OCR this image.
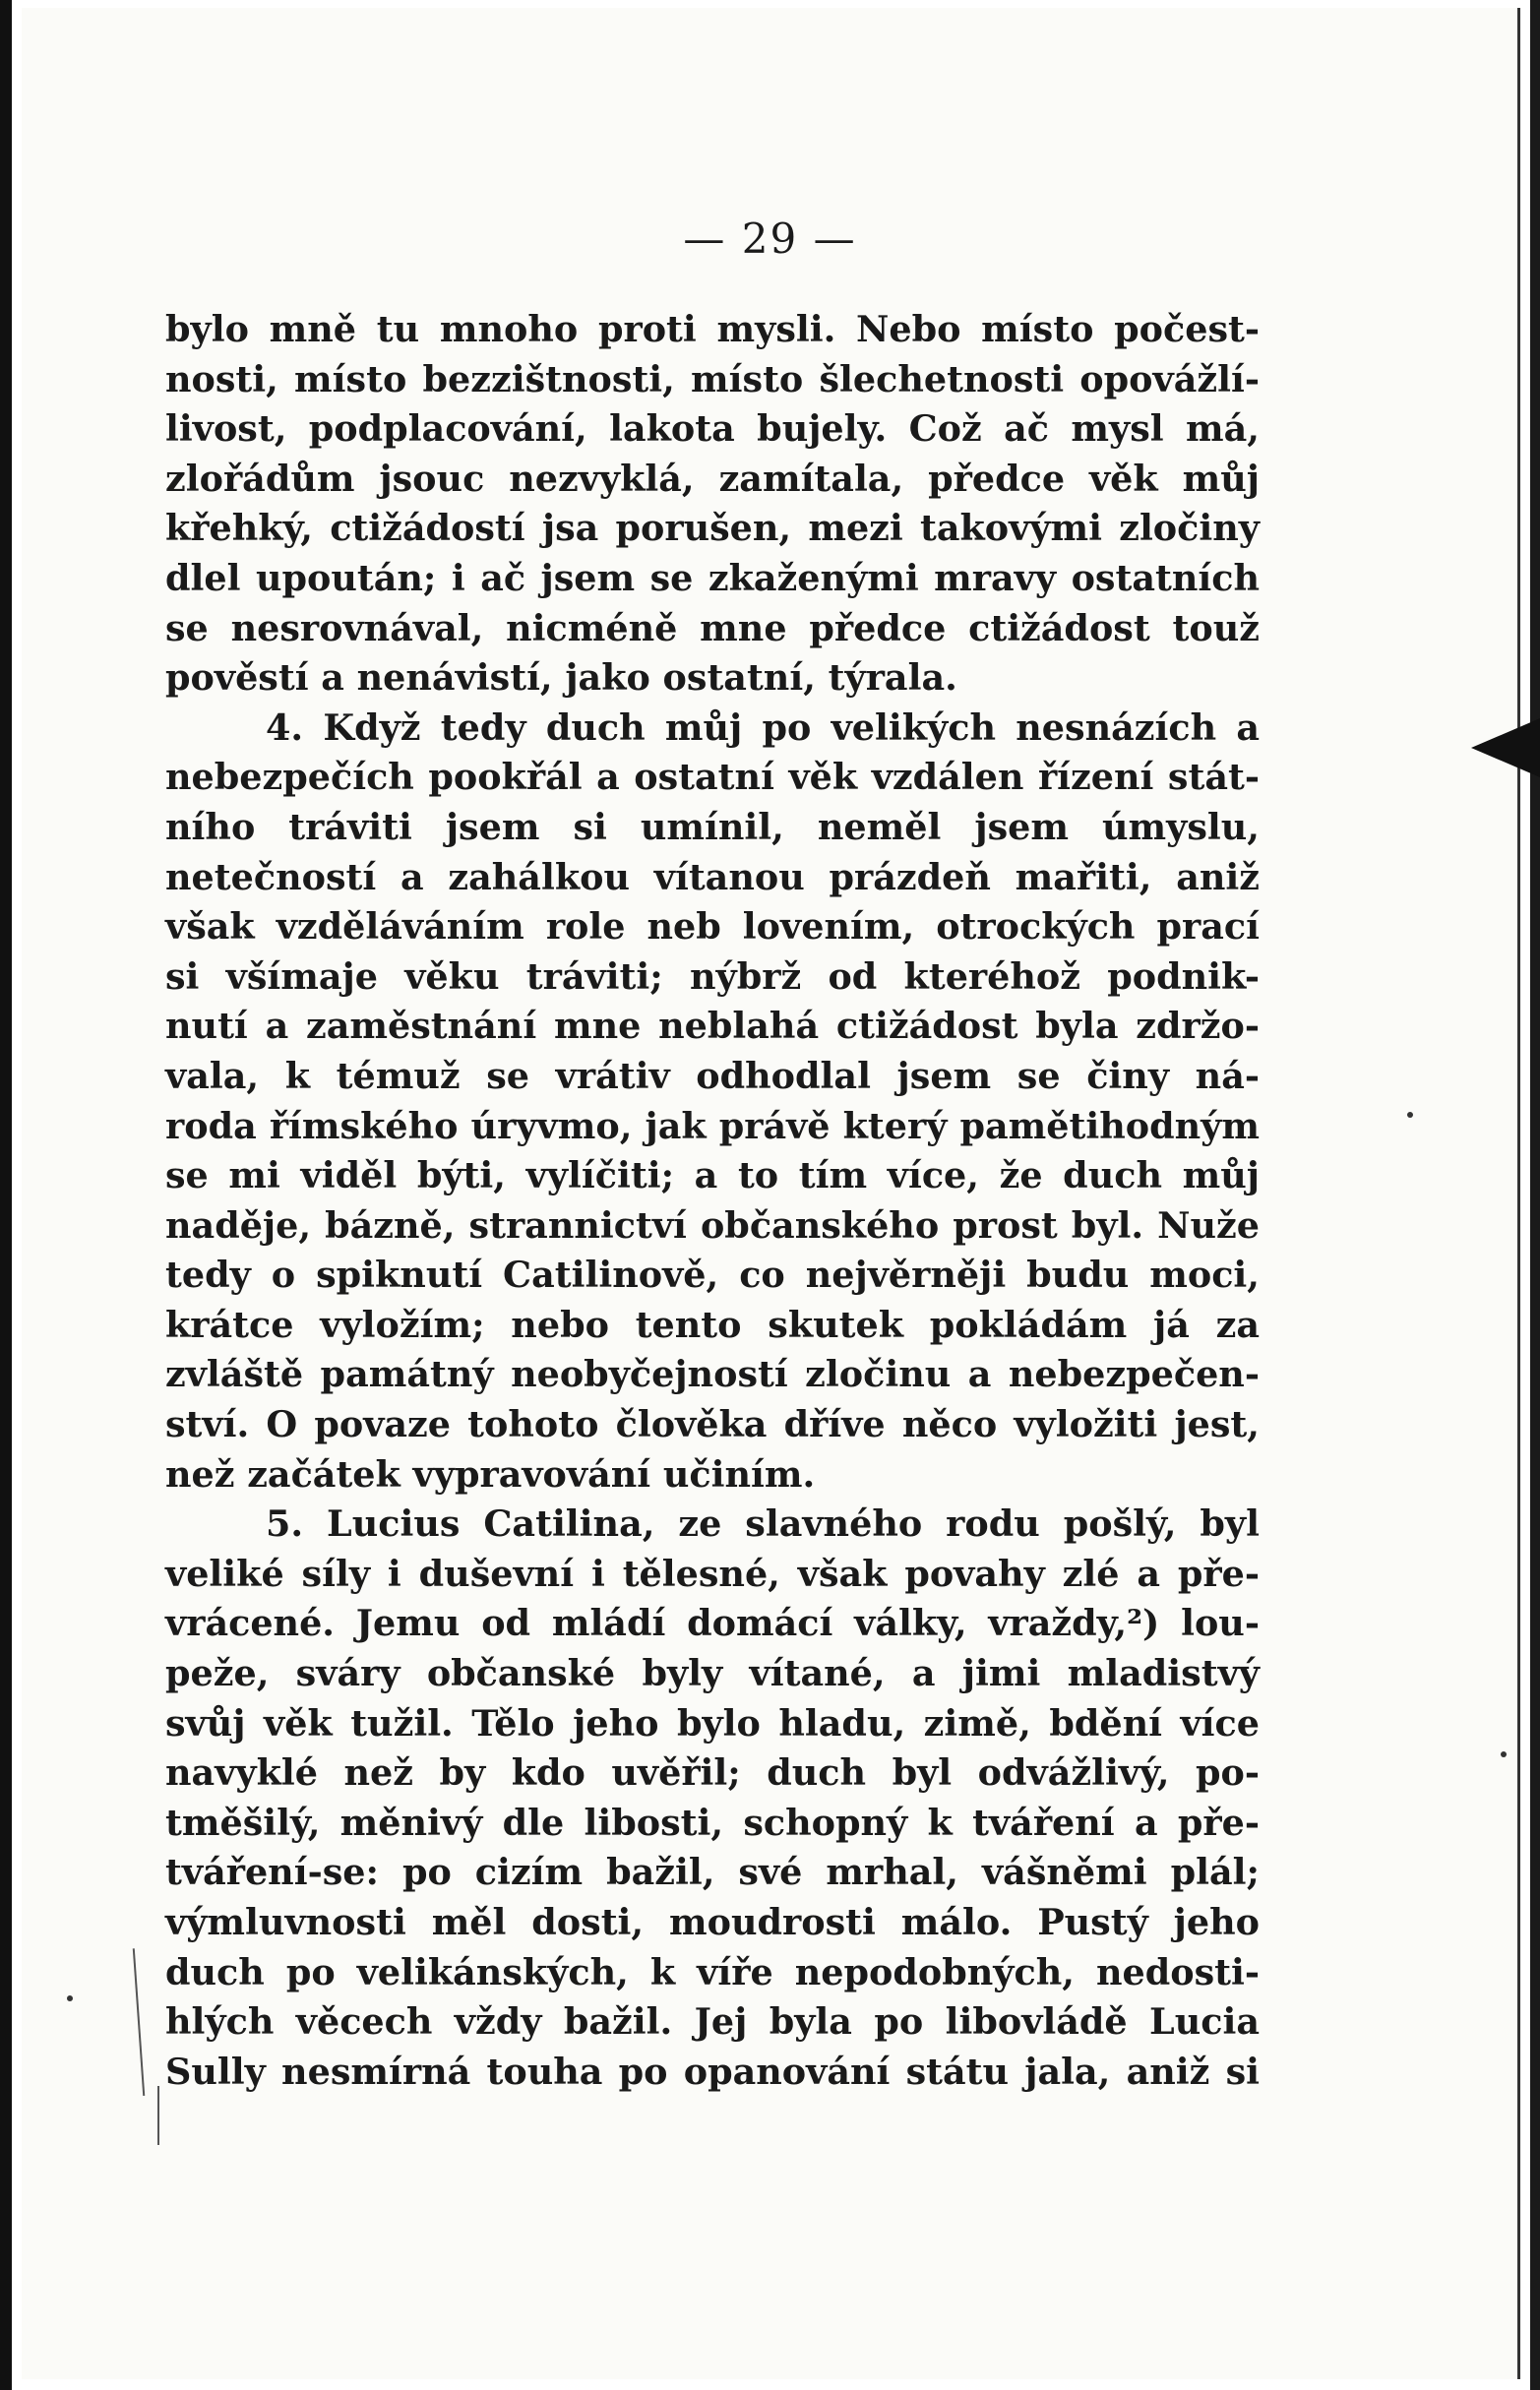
— 29 —
bylo mně tu mnoho proti mysli. Nebo místo počest-
nosti, místo bezzištnosti, místo šlechetnosti opovážlí-
livost, podplacování, lakota bujely. Což ač mysl má,
zlořádům jsouc nezvyklá, zamítala, předce věk můj
křehký, ctižádostí jsa porušen, mezi takovými zločiny
dlel upoután; i ač jsem se zkaženými mravy ostatních
se nesrovnával, nicméně mne předce ctižádost touž
pověstí a nenávistí, jako ostatní, týrala.
4. Když tedy duch můj po velikých nesnázích a
nebezpečích pookřál a ostatní věk vzdálen řízení stát-
ního tráviti jsem si umínil, neměl jsem úmyslu,
netečností a zahálkou vítanou prázdeň mařiti, aniž
však vzděláváním role neb lovením, otrockých prací
si všímaje věku tráviti; nýbrž od kteréhož podnik-
nutí a zaměstnání mne neblahá ctižádost byla zdržo-
vala, k témuž se vrátiv odhodlal jsem se činy ná-
roda římského úryvmo, jak právě který pamětihodným
se mi viděl býti, vylíčiti; a to tím více, že duch můj
naděje, bázně, strannictví občanského prost byl. Nuže
tedy o spiknutí Catilinově, co nejvěrněji budu moci,
krátce vyložím; nebo tento skutek pokládám já za
zvláště památný neobyčejností zločinu a nebezpečen-
ství. O povaze tohoto člověka dříve něco vyložiti jest,
než začátek vypravování učiním.
5. Lucius Catilina, ze slavného rodu pošlý, byl
veliké síly i duševní i tělesné, však povahy zlé a pře-
vrácené. Jemu od mládí domácí války, vraždy,²) lou-
peže, sváry občanské byly vítané, a jimi mladistvý
svůj věk tužil. Tělo jeho bylo hladu, zimě, bdění více
navyklé než by kdo uvěřil; duch byl odvážlivý, po-
tměšilý, měnivý dle libosti, schopný k tváření a pře-
tváření-se: po cizím bažil, své mrhal, vášněmi plál;
výmluvnosti měl dosti, moudrosti málo. Pustý jeho
duch po velikánských, k víře nepodobných, nedosti-
hlých věcech vždy bažil. Jej byla po libovládě Lucia
Sully nesmírná touha po opanování státu jala, aniž si
